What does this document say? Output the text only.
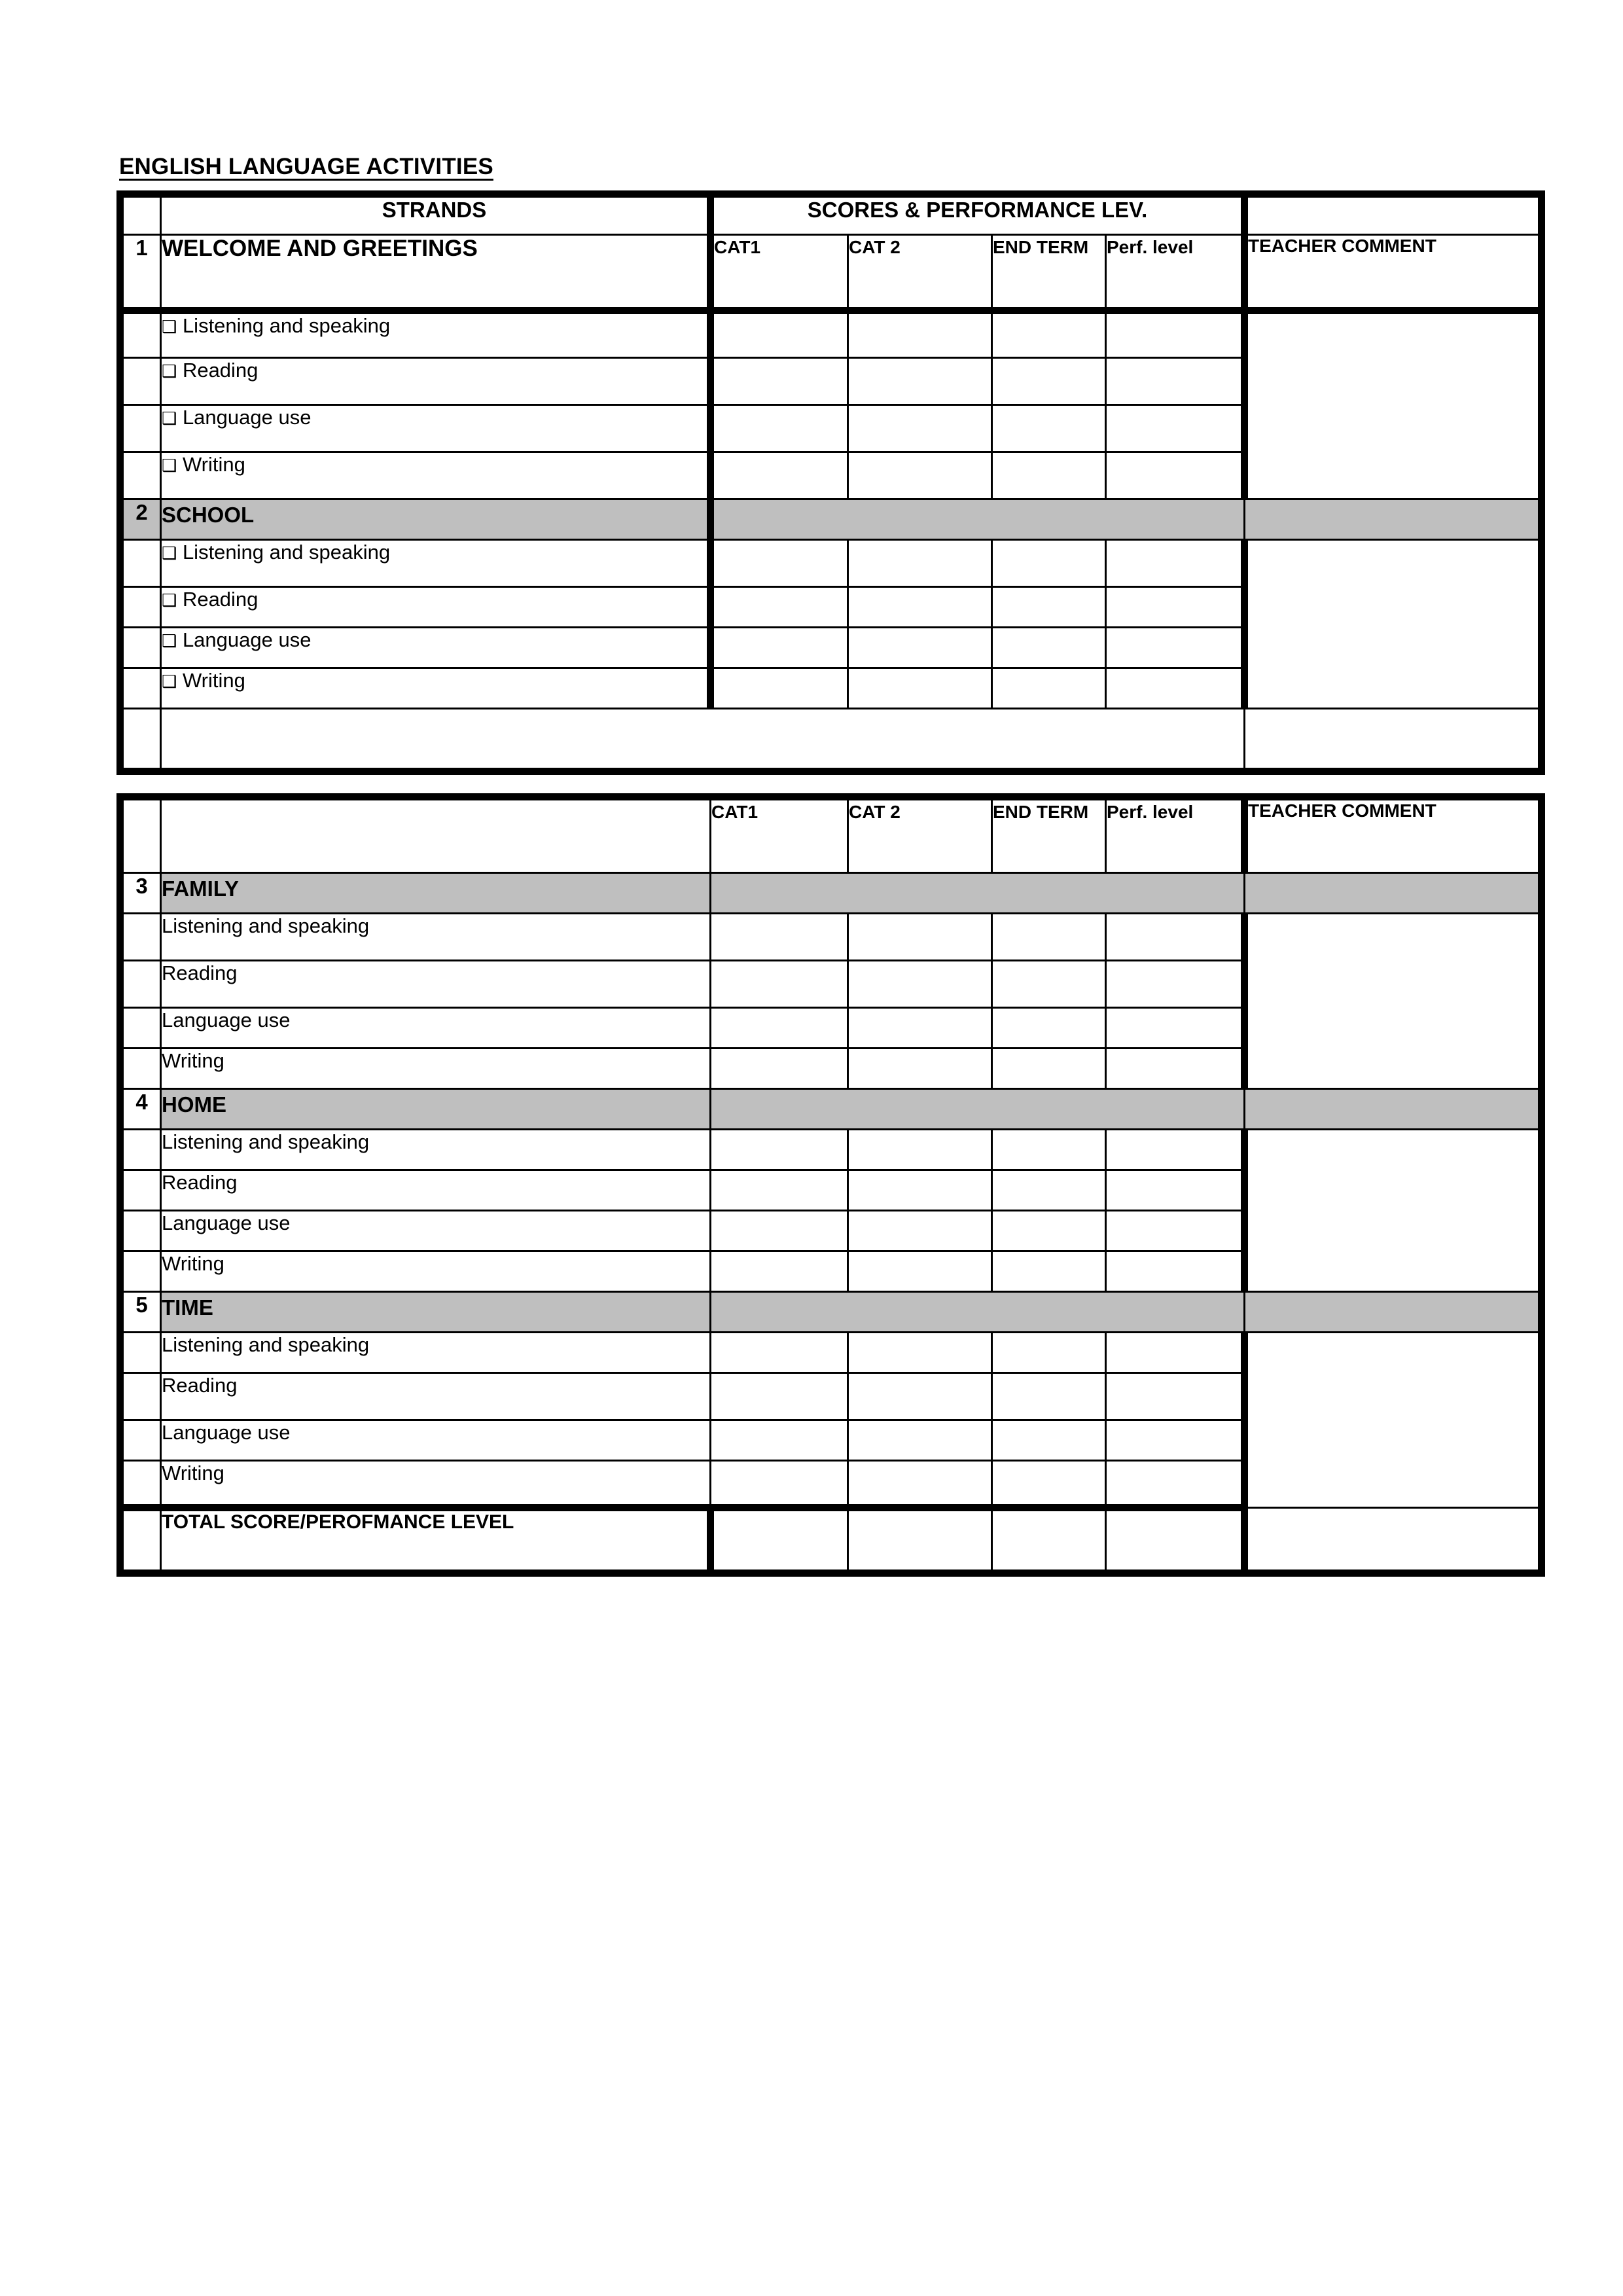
ENGLISH LANGUAGE ACTIVITIES
	STRANDS	SCORES & PERFORMANCE LEV.				
1	WELCOME AND GREETINGS	CAT1	CAT 2	END TERM	Perf. level	TEACHER COMMENT
	❑ Listening and speaking					
	❑ Reading					
	❑ Language use					
	❑ Writing					
2	SCHOOL					
	❑ Listening and speaking					
	❑ Reading					
	❑ Language use					
	❑ Writing					

		CAT1	CAT 2	END TERM	Perf. level	TEACHER COMMENT
3	FAMILY					
	Listening and speaking					
	Reading					
	Language use					
	Writing					
4	HOME					
	Listening and speaking					
	Reading					
	Language use					
	Writing					
5	TIME					
	Listening and speaking					
	Reading					
	Language use					
	Writing					
	TOTAL SCORE/PEROFMANCE LEVEL					
